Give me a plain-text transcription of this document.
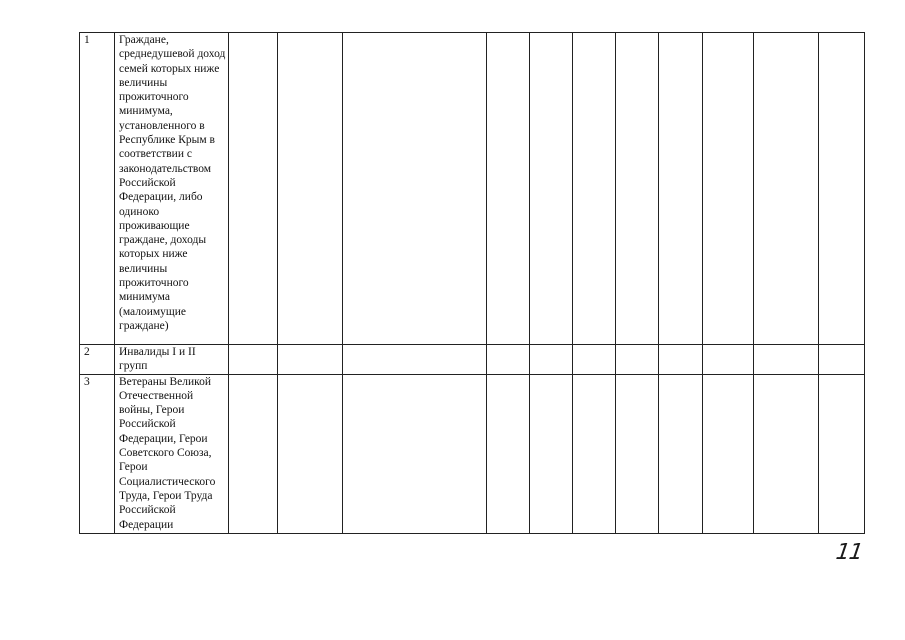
1	Граждане, среднедушевой доход семей которых ниже величины прожиточного минимума, установленного в Республике Крым в соответствии с законодательством Российской Федерации, либо одиноко проживающие граждане, доходы которых ниже величины прожиточного минимума (малоимущие граждане)											
2	Инвалиды I и II групп											
3	Ветераны Великой Отечественной войны, Герои Российской Федерации, Герои Советского Союза, Герои Социалистического Труда, Герои Труда Российской Федерации											
11
